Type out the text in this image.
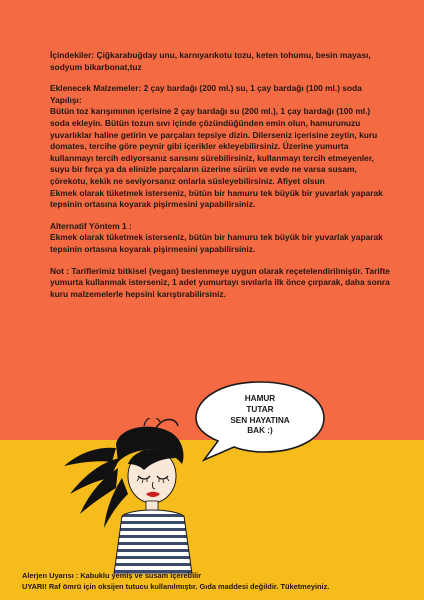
İçindekiler: Çiğkarabuğday unu, karnıyarıkotu tozu, keten tohumu, besin mayası, sodyum bikarbonat,tuz

Eklenecek Malzemeler: 2 çay bardağı (200 ml.) su, 1 çay bardağı (100 ml.) soda

Yapılışı:

Bütün toz karışımının içerisine 2 çay bardağı su (200 ml.), 1 çay bardağı (100 ml.) soda ekleyin. Bütün tozun sıvı içinde çözündüğünden emin olun, hamurunuzu yuvarlıklar haline getirin ve parçaları tepsiye dizin. Dilerseniz içerisine zeytin, kuru domates, tercihe göre peynir gibi içerikler ekleyebilirsiniz. Üzerine yumurta kullanmayı tercih ediyorsanız sarısını sürebilirsiniz, kullanmayı tercih etmeyenler, suyu bir fırça ya da elinizle parçaların üzerine sürün ve evde ne varsa susam, çörekotu, kekik ne seviyorsanız onlarla süsleyebilirsiniz. Afiyet olsun

Ekmek olarak tüketmek isterseniz, bütün bir hamuru tek büyük bir yuvarlak yaparak tepsinin ortasına koyarak pişirmesini yapabilirsiniz.

Alternatif Yöntem 1 :

Ekmek olarak tüketmek isterseniz, bütün bir hamuru tek büyük bir yuvarlak yaparak tepsinin ortasına koyarak pişirmesini yapabilirsiniz.

Not : Tariflerimiz bitkisel (vegan) beslenmeye uygun olarak reçetelendirilmiştir. Tarifte yumurta kullanmak isterseniz, 1 adet yumurtayı sıvılarla ilk önce çırparak, daha sonra kuru malzemelerle hepsini karıştırabilirsiniz.

HAMUR
TUTAR
SEN HAYATINA
BAK :)

Alerjen Uyarısı : Kabuklu yemiş ve susam içerebilir

UYARI! Raf ömrü için oksijen tutucu kullanılmıştır. Gıda maddesi değildir. Tüketmeyiniz.
